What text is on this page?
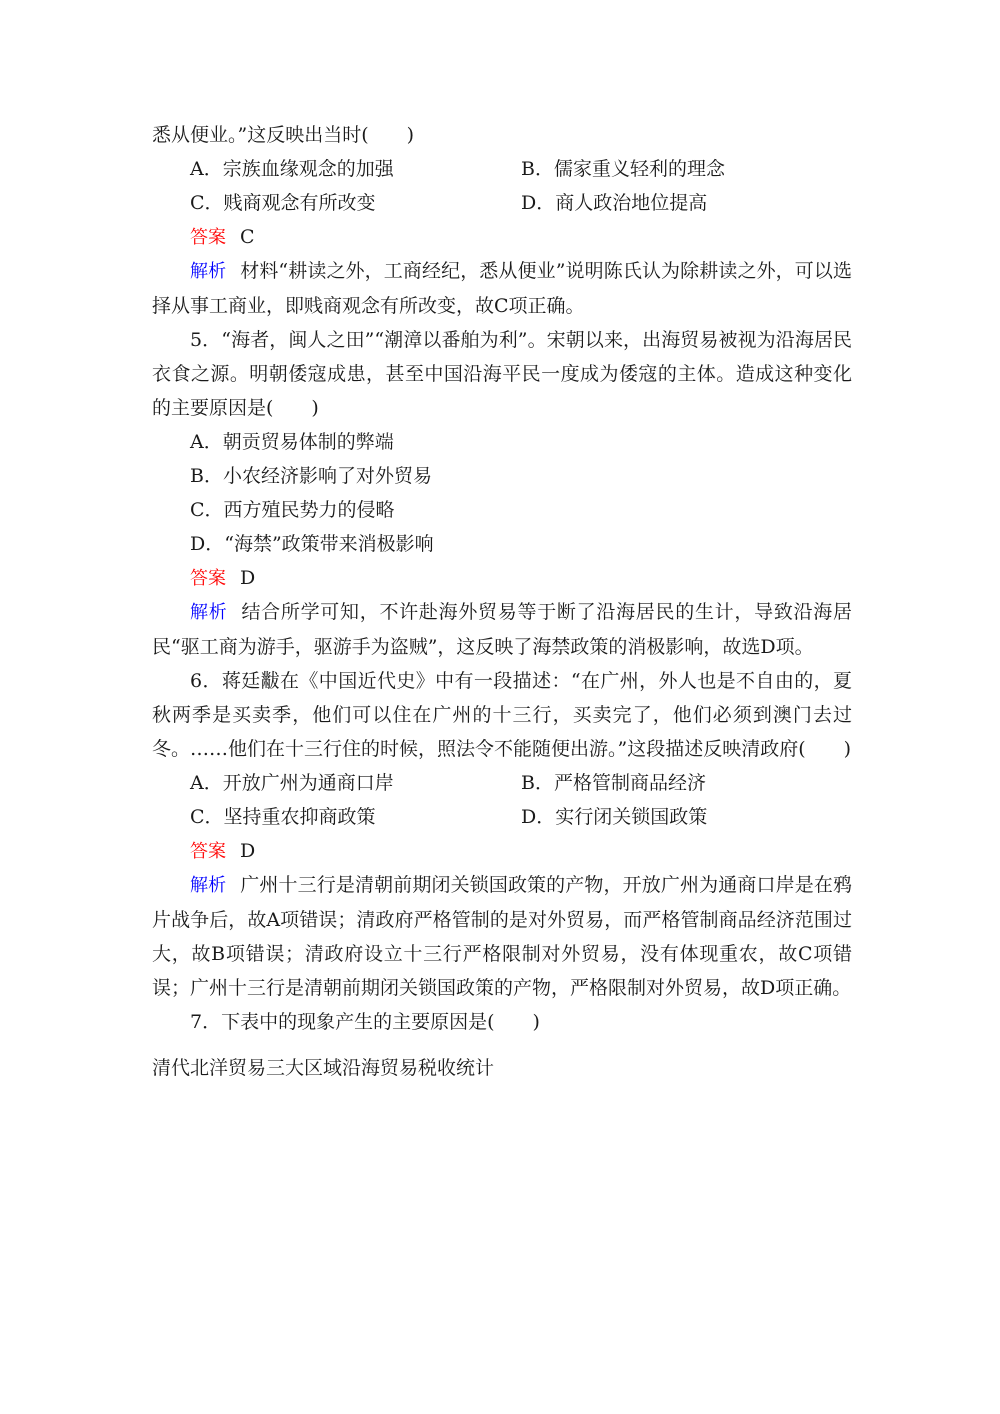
悉从便业。”这反映出当时(　　)
A．宗族血缘观念的加强	B．儒家重义轻利的理念
C．贱商观念有所改变	D．商人政治地位提高
答案 C
解析 材料“耕读之外，工商经纪，悉从便业”说明陈氏认为除耕读之外，可以选择从事工商业，即贱商观念有所改变，故C项正确。
5．“海者，闽人之田”“潮漳以番舶为利”。宋朝以来，出海贸易被视为沿海居民衣食之源。明朝倭寇成患，甚至中国沿海平民一度成为倭寇的主体。造成这种变化的主要原因是(　　)
A．朝贡贸易体制的弊端
B．小农经济影响了对外贸易
C．西方殖民势力的侵略
D．“海禁”政策带来消极影响
答案 D
解析 结合所学可知，不许赴海外贸易等于断了沿海居民的生计，导致沿海居民“驱工商为游手，驱游手为盗贼”，这反映了海禁政策的消极影响，故选D项。
6．蒋廷黻在《中国近代史》中有一段描述：“在广州，外人也是不自由的，夏秋两季是买卖季，他们可以住在广州的十三行，买卖完了，他们必须到澳门去过冬。……他们在十三行住的时候，照法令不能随便出游。”这段描述反映清政府(　　)
A．开放广州为通商口岸	B．严格管制商品经济
C．坚持重农抑商政策	D．实行闭关锁国政策
答案 D
解析 广州十三行是清朝前期闭关锁国政策的产物，开放广州为通商口岸是在鸦片战争后，故A项错误；清政府严格管制的是对外贸易，而严格管制商品经济范围过大，故B项错误；清政府设立十三行严格限制对外贸易，没有体现重农，故C项错误；广州十三行是清朝前期闭关锁国政策的产物，严格限制对外贸易，故D项正确。
7．下表中的现象产生的主要原因是(　　)
清代北洋贸易三大区域沿海贸易税收统计
